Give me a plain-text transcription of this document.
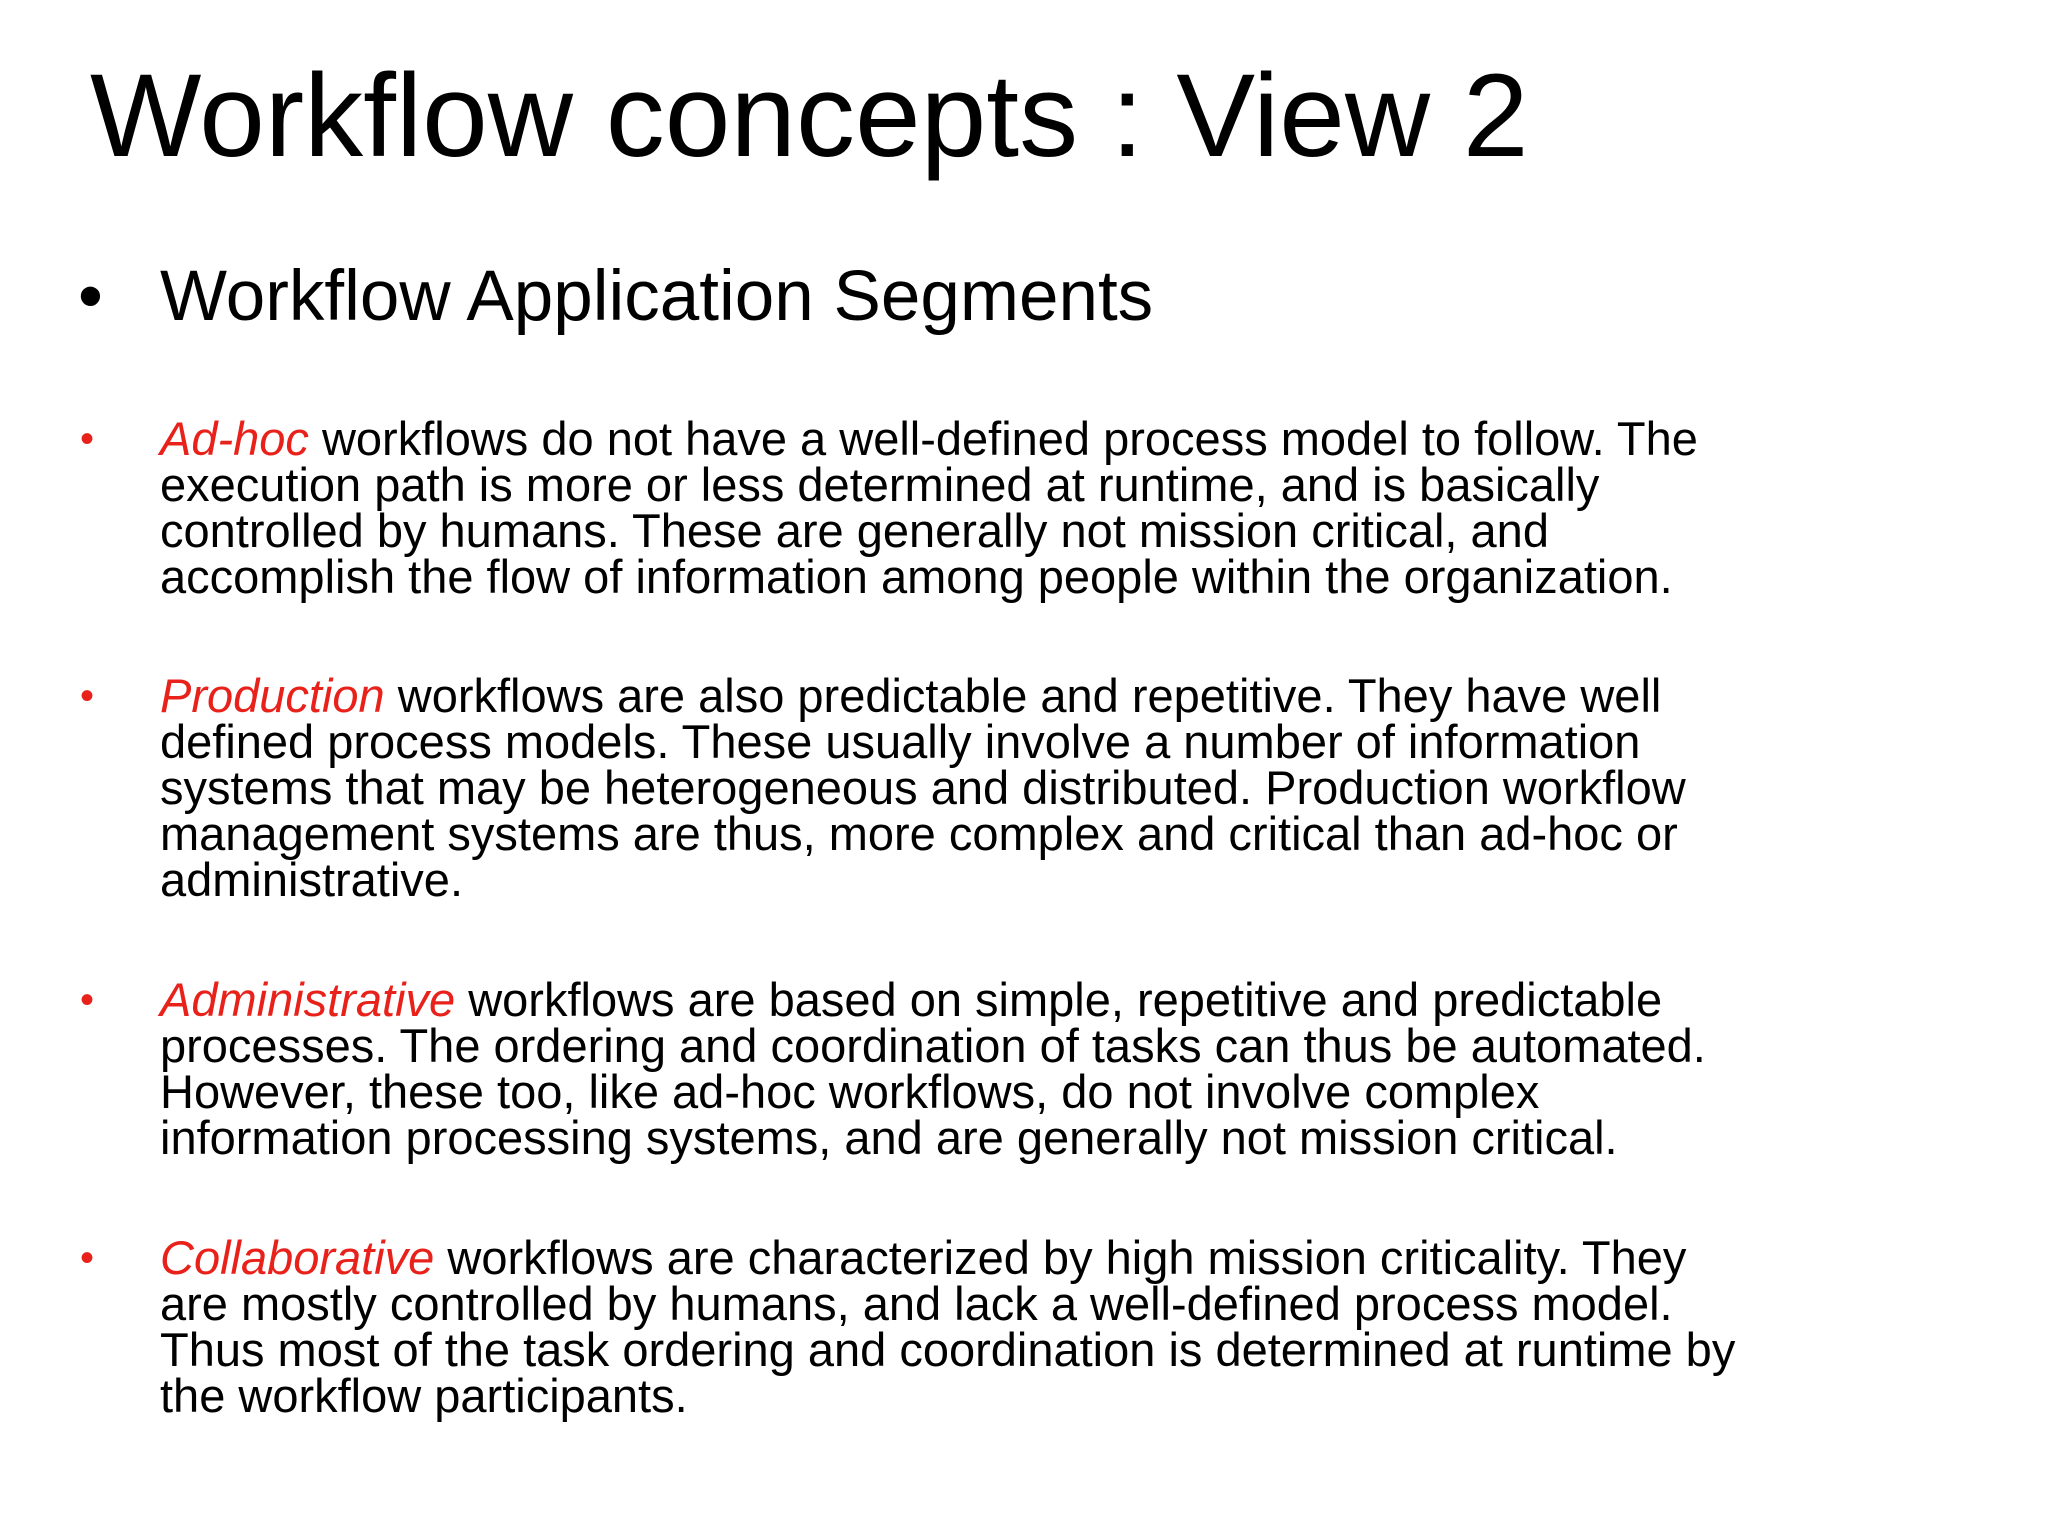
Workflow concepts : View 2
• Workflow Application Segments
• Ad-hoc workflows do not have a well-defined process model to follow. The
execution path is more or less determined at runtime, and is basically
controlled by humans. These are generally not mission critical, and
accomplish the flow of information among people within the organization.
• Production workflows are also predictable and repetitive. They have well
defined process models. These usually involve a number of information
systems that may be heterogeneous and distributed. Production workflow
management systems are thus, more complex and critical than ad-hoc or
administrative.
• Administrative workflows are based on simple, repetitive and predictable
processes. The ordering and coordination of tasks can thus be automated.
However, these too, like ad-hoc workflows, do not involve complex
information processing systems, and are generally not mission critical.
• Collaborative workflows are characterized by high mission criticality. They
are mostly controlled by humans, and lack a well-defined process model.
Thus most of the task ordering and coordination is determined at runtime by
the workflow participants.
